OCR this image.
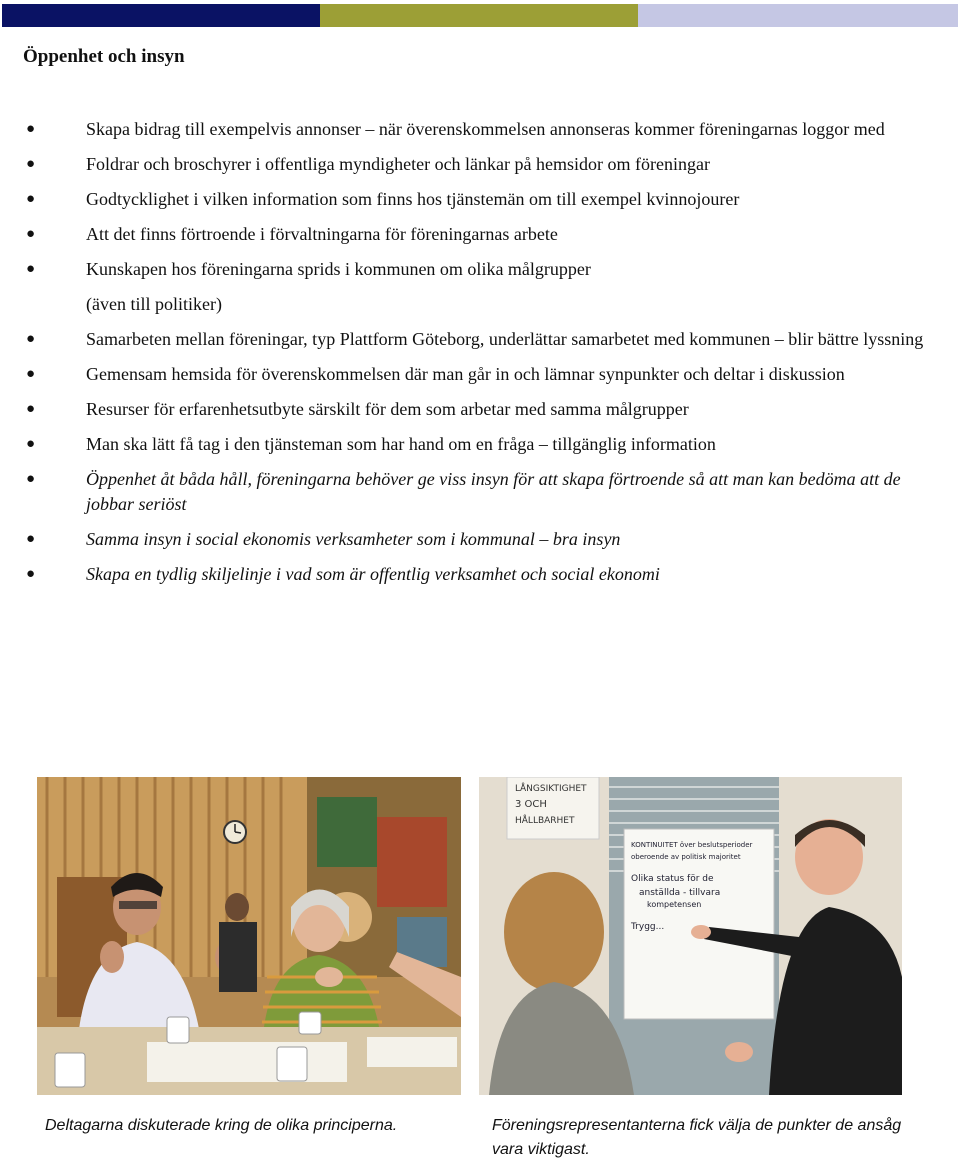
Öppenhet och insyn
●	Skapa bidrag till exempelvis annonser – när överenskommelsen annonseras kommer föreningarnas loggor med
●	Foldrar och broschyrer i offentliga myndigheter och länkar på hemsidor om föreningar
●	Godtycklighet i vilken information som finns hos tjänstemän om till exempel kvinnojourer
●	Att det finns förtroende i förvaltningarna för föreningarnas arbete
●	Kunskapen hos föreningarna sprids i kommunen om olika målgrupper
(även till politiker)
●	Samarbeten mellan föreningar, typ Plattform Göteborg, underlättar samarbetet med kommunen – blir bättre lyssning
●	Gemensam hemsida för överenskommelsen där man går in och lämnar synpunkter och deltar i diskussion
●	Resurser för erfarenhetsutbyte särskilt för dem som arbetar med samma målgrupper
●	Man ska lätt få tag i den tjänsteman som har hand om en fråga – tillgänglig information
●	Öppenhet åt båda håll, föreningarna behöver ge viss insyn för att skapa förtroende så att man kan bedöma att de jobbar seriöst
●	Samma insyn i social ekonomis verksamheter som i kommunal – bra insyn
●	Skapa en tydlig skiljelinje i vad som är offentlig verksamhet och social ekonomi
LÅNGSIKTIGHET
3 OCH
HÅLLBARHET
KONTINUITET över beslutsperioder
oberoende av politisk majoritet
Olika status för de
anställda - tillvara
kompetensen
Trygg...

Deltagarna diskuterade kring de olika principerna.	Föreningsrepresentanterna fick välja de punkter de ansåg vara viktigast.
